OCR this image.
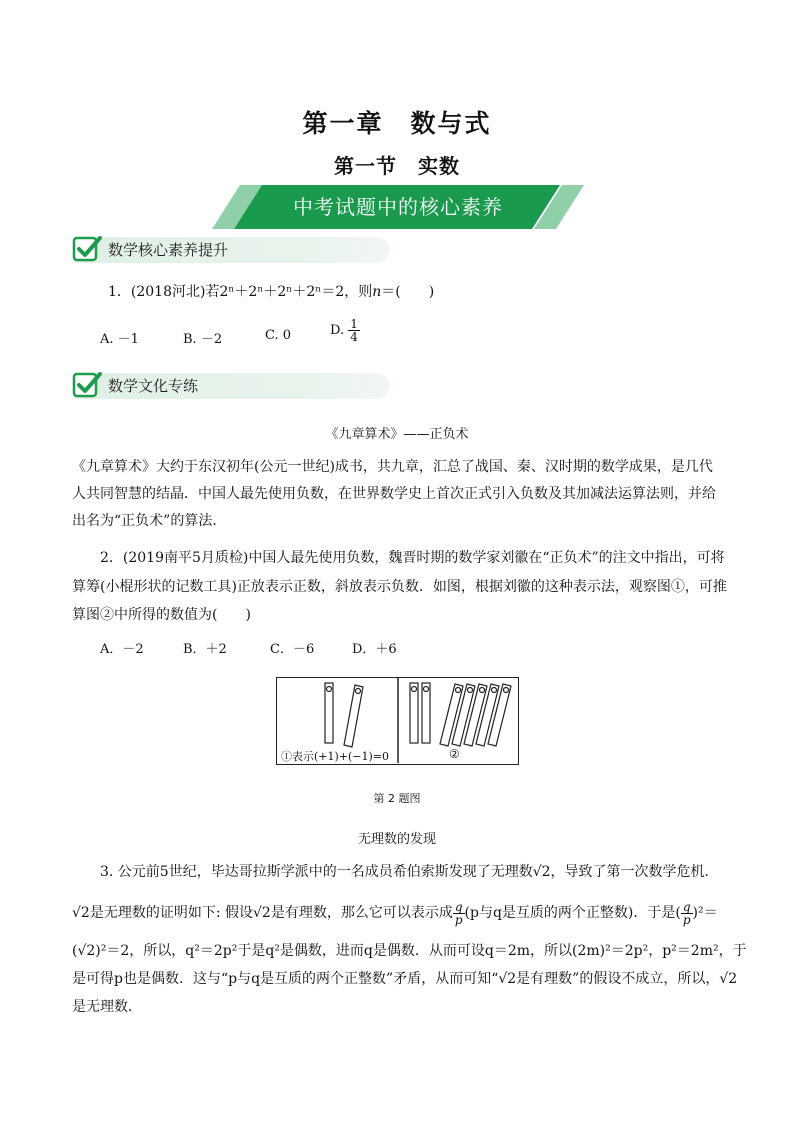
第一章　数与式
第一节　实数
中考试题中的核心素养
数学核心素养提升
1．(2018河北)若2ⁿ＋2ⁿ＋2ⁿ＋2ⁿ＝2，则n＝(　　)
A. －1	B. －2	C. 0	D. $\frac{1}{4}$
数学文化专练
《九章算术》——正负术
《九章算术》大约于东汉初年(公元一世纪)成书，共九章，汇总了战国、秦、汉时期的数学成果，是几代人共同智慧的结晶．中国人最先使用负数，在世界数学史上首次正式引入负数及其加减法运算法则，并给出名为“正负术”的算法．
2．(2019南平5月质检)中国人最先使用负数，魏晋时期的数学家刘徽在“正负术”的注文中指出，可将
算筹(小棍形状的记数工具)正放表示正数，斜放表示负数．如图，根据刘徽的这种表示法，观察图①，可推
算图②中所得的数值为(　　)
A．－2	B．＋2	C．－6	D．＋6
①表示(+1)+(−1)=0	②
第 2 题图
无理数的发现
3. 公元前5世纪，毕达哥拉斯学派中的一名成员希伯索斯发现了无理数√2，导致了第一次数学危机．
√2是无理数的证明如下: 假设√2是有理数，那么它可以表示成 $\frac{q}{p} (p$与q是互质的两个正整数)．于是( $\frac{q}{p} )^2=$
(√2)²＝2，所以，q²＝2p²于是q²是偶数，进而q是偶数．从而可设q＝2m，所以(2m)²＝2p²，p²＝2m²，于
是可得p也是偶数．这与“p与q是互质的两个正整数”矛盾，从而可知“√2是有理数”的假设不成立，所以，√2
是无理数．
